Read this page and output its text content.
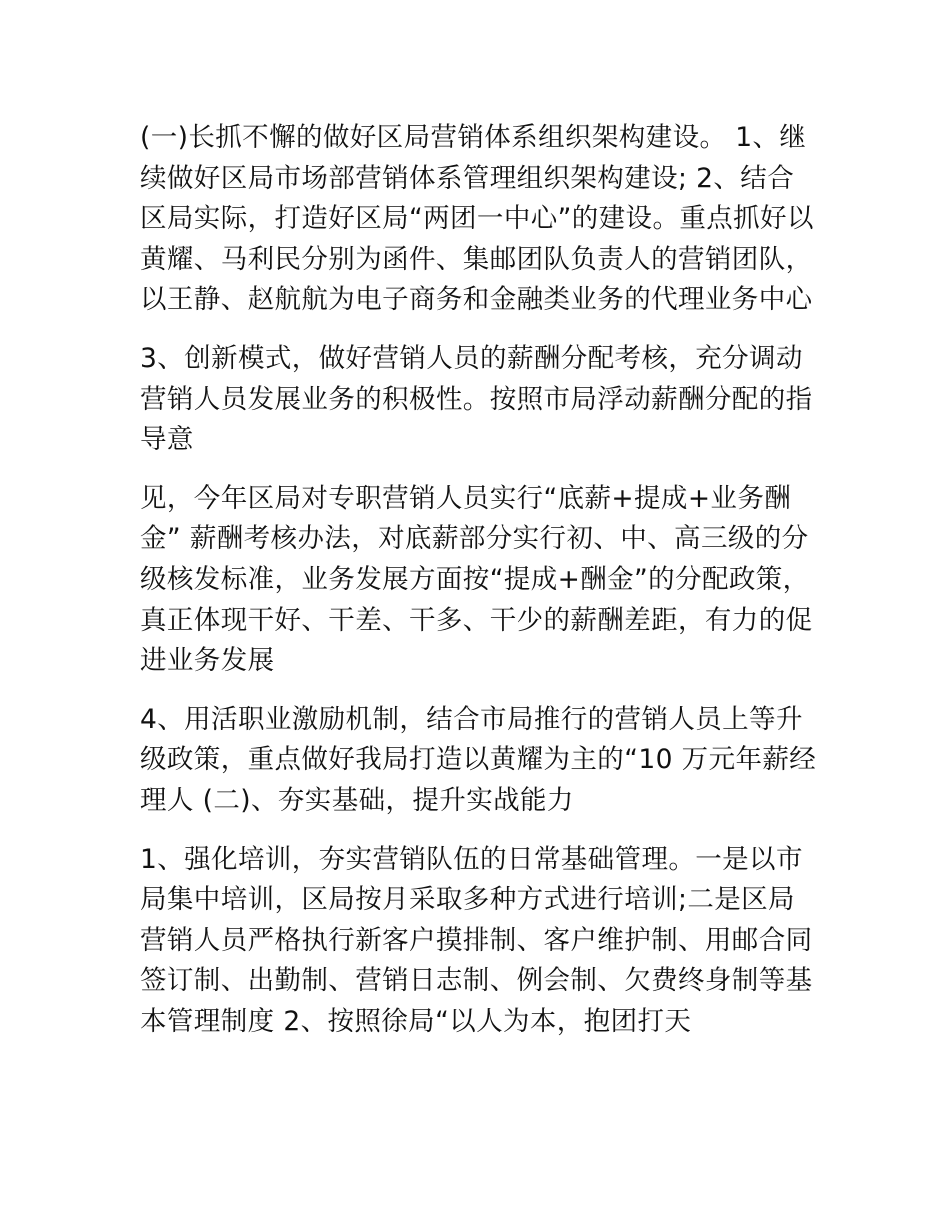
(一)长抓不懈的做好区局营销体系组织架构建设。 1、继续做好区局市场部营销体系管理组织架构建设; 2、结合区局实际，打造好区局“两团一中心”的建设。重点抓好以黄耀、马利民分别为函件、集邮团队负责人的营销团队，以王静、赵航航为电子商务和金融类业务的代理业务中心

3、创新模式，做好营销人员的薪酬分配考核，充分调动营销人员发展业务的积极性。按照市局浮动薪酬分配的指导意

见，今年区局对专职营销人员实行“底薪+提成+业务酬金” 薪酬考核办法，对底薪部分实行初、中、高三级的分级核发标准，业务发展方面按“提成+酬金”的分配政策，真正体现干好、干差、干多、干少的薪酬差距，有力的促进业务发展

4、用活职业激励机制，结合市局推行的营销人员上等升级政策，重点做好我局打造以黄耀为主的“10 万元年薪经理人 (二)、夯实基础，提升实战能力

1、强化培训，夯实营销队伍的日常基础管理。一是以市局集中培训，区局按月采取多种方式进行培训;二是区局营销人员严格执行新客户摸排制、客户维护制、用邮合同签订制、出勤制、营销日志制、例会制、欠费终身制等基本管理制度 2、按照徐局“以人为本，抱团打天
